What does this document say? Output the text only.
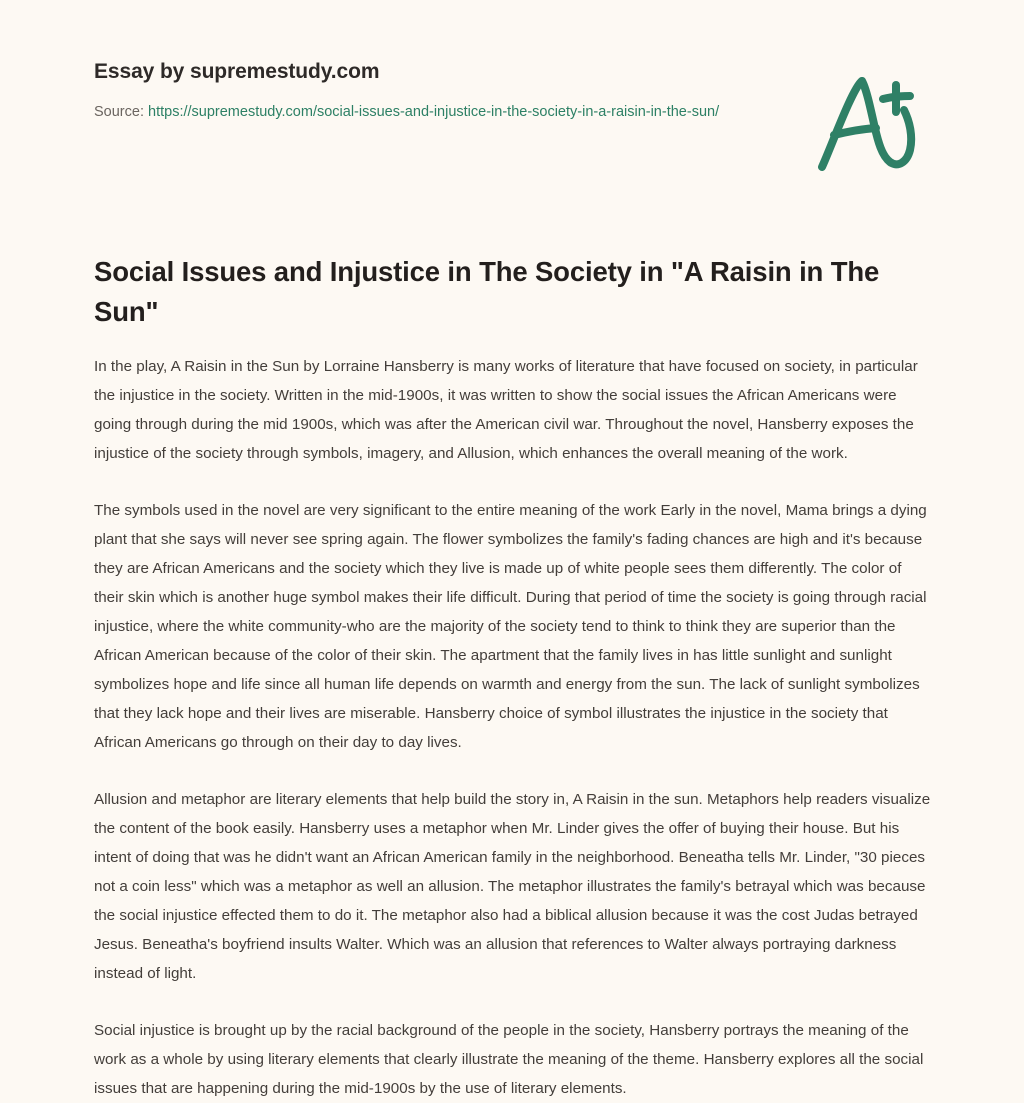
Essay by supremestudy.com
Source: https://supremestudy.com/social-issues-and-injustice-in-the-society-in-a-raisin-in-the-sun/
Social Issues and Injustice in The Society in "A Raisin in The Sun"

In the play, A Raisin in the Sun by Lorraine Hansberry is many works of literature that have focused on society, in particular the injustice in the society. Written in the mid-1900s, it was written to show the social issues the African Americans were going through during the mid 1900s, which was after the American civil war. Throughout the novel, Hansberry exposes the injustice of the society through symbols, imagery, and Allusion, which enhances the overall meaning of the work.

The symbols used in the novel are very significant to the entire meaning of the work Early in the novel, Mama brings a dying plant that she says will never see spring again. The flower symbolizes the family's fading chances are high and it's because they are African Americans and the society which they live is made up of white people sees them differently. The color of their skin which is another huge symbol makes their life difficult. During that period of time the society is going through racial injustice, where the white community-who are the majority of the society tend to think to think they are superior than the African American because of the color of their skin. The apartment that the family lives in has little sunlight and sunlight symbolizes hope and life since all human life depends on warmth and energy from the sun. The lack of sunlight symbolizes that they lack hope and their lives are miserable. Hansberry choice of symbol illustrates the injustice in the society that African Americans go through on their day to day lives.

Allusion and metaphor are literary elements that help build the story in, A Raisin in the sun. Metaphors help readers visualize the content of the book easily. Hansberry uses a metaphor when Mr. Linder gives the offer of buying their house. But his intent of doing that was he didn't want an African American family in the neighborhood. Beneatha tells Mr. Linder, "30 pieces not a coin less" which was a metaphor as well an allusion. The metaphor illustrates the family's betrayal which was because the social injustice effected them to do it. The metaphor also had a biblical allusion because it was the cost Judas betrayed Jesus. Beneatha's boyfriend insults Walter. Which was an allusion that references to Walter always portraying darkness instead of light.

Social injustice is brought up by the racial background of the people in the society, Hansberry portrays the meaning of the work as a whole by using literary elements that clearly illustrate the meaning of the theme. Hansberry explores all the social issues that are happening during the mid-1900s by the use of literary elements.
